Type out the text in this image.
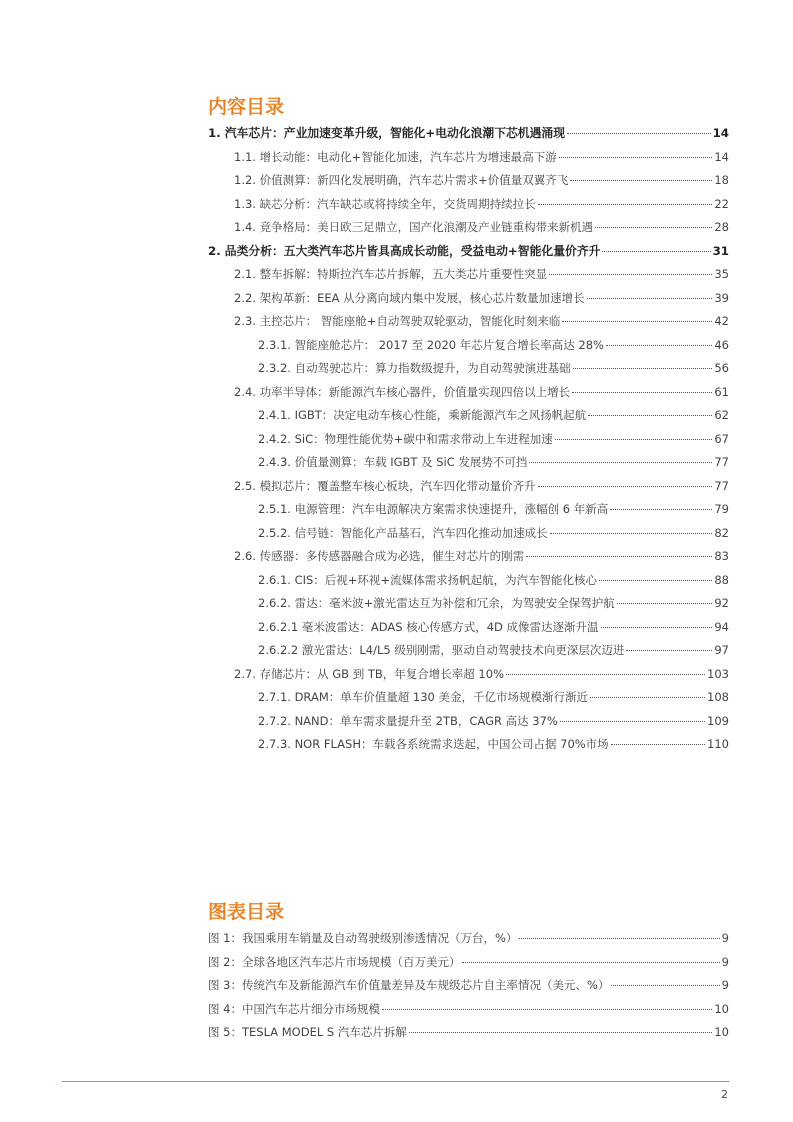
内容目录
1. 汽车芯片：产业加速变革升级，智能化+电动化浪潮下芯机遇涌现	14
1.1. 增长动能：电动化+智能化加速，汽车芯片为增速最高下游	14
1.2. 价值测算：新四化发展明确，汽车芯片需求+价值量双翼齐飞	18
1.3. 缺芯分析：汽车缺芯或将持续全年，交货周期持续拉长	22
1.4. 竞争格局：美日欧三足鼎立，国产化浪潮及产业链重构带来新机遇	28
2. 品类分析：五大类汽车芯片皆具高成长动能，受益电动+智能化量价齐升	31
2.1. 整车拆解：特斯拉汽车芯片拆解，五大类芯片重要性突显	35
2.2. 架构革新：EEA 从分离向域内集中发展，核心芯片数量加速增长	39
2.3. 主控芯片： 智能座舱+自动驾驶双轮驱动，智能化时刻来临	42
2.3.1. 智能座舱芯片： 2017 至 2020 年芯片复合增长率高达 28%	46
2.3.2. 自动驾驶芯片：算力指数级提升，为自动驾驶演进基础	56
2.4. 功率半导体：新能源汽车核心器件，价值量实现四倍以上增长	61
2.4.1. IGBT：决定电动车核心性能，乘新能源汽车之风扬帆起航	62
2.4.2. SiC：物理性能优势+碳中和需求带动上车进程加速	67
2.4.3. 价值量测算：车载 IGBT 及 SiC 发展势不可挡	77
2.5. 模拟芯片：覆盖整车核心板块，汽车四化带动量价齐升	77
2.5.1. 电源管理：汽车电源解决方案需求快速提升，涨幅创 6 年新高	79
2.5.2. 信号链：智能化产品基石，汽车四化推动加速成长	82
2.6. 传感器：多传感器融合成为必选，催生对芯片的刚需	83
2.6.1. CIS：后视+环视+流媒体需求扬帆起航，为汽车智能化核心	88
2.6.2. 雷达：毫米波+激光雷达互为补偿和冗余，为驾驶安全保驾护航	92
2.6.2.1 毫米波雷达：ADAS 核心传感方式，4D 成像雷达逐渐升温	94
2.6.2.2 激光雷达：L4/L5 级别刚需，驱动自动驾驶技术向更深层次迈进	97
2.7. 存储芯片：从 GB 到 TB，年复合增长率超 10%	103
2.7.1. DRAM：单车价值量超 130 美金，千亿市场规模渐行渐近	108
2.7.2. NAND：单车需求量提升至 2TB，CAGR 高达 37%	109
2.7.3. NOR FLASH：车载各系统需求迭起，中国公司占据 70%市场	110
图表目录
图 1：我国乘用车销量及自动驾驶级别渗透情况（万台，%）	9
图 2：全球各地区汽车芯片市场规模（百万美元）	9
图 3：传统汽车及新能源汽车价值量差异及车规级芯片自主率情况（美元、%）	9
图 4：中国汽车芯片细分市场规模	10
图 5：TESLA MODEL S 汽车芯片拆解	10
2
